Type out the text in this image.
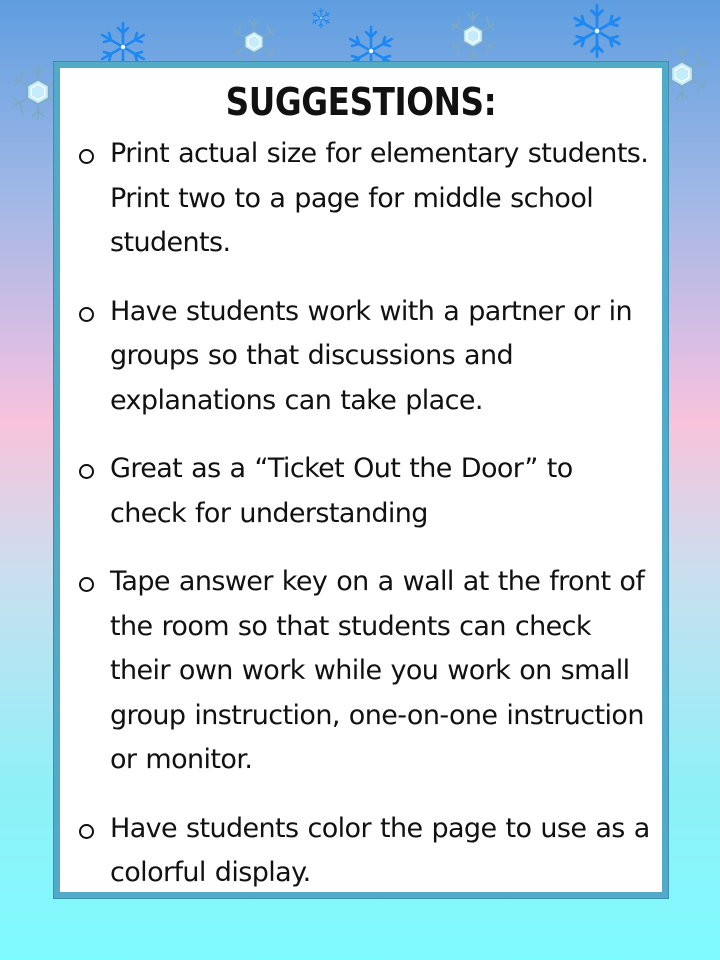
SUGGESTIONS:
Print actual size for elementary students. Print two to a page for middle school students.
Have students work with a partner or in groups so that discussions and explanations can take place.
Great as a “Ticket Out the Door” to check for understanding
Tape answer key on a wall at the front of the room so that students can check their own work while you work on small group instruction, one-on-one instruction or monitor.
Have students color the page to use as a colorful display.
